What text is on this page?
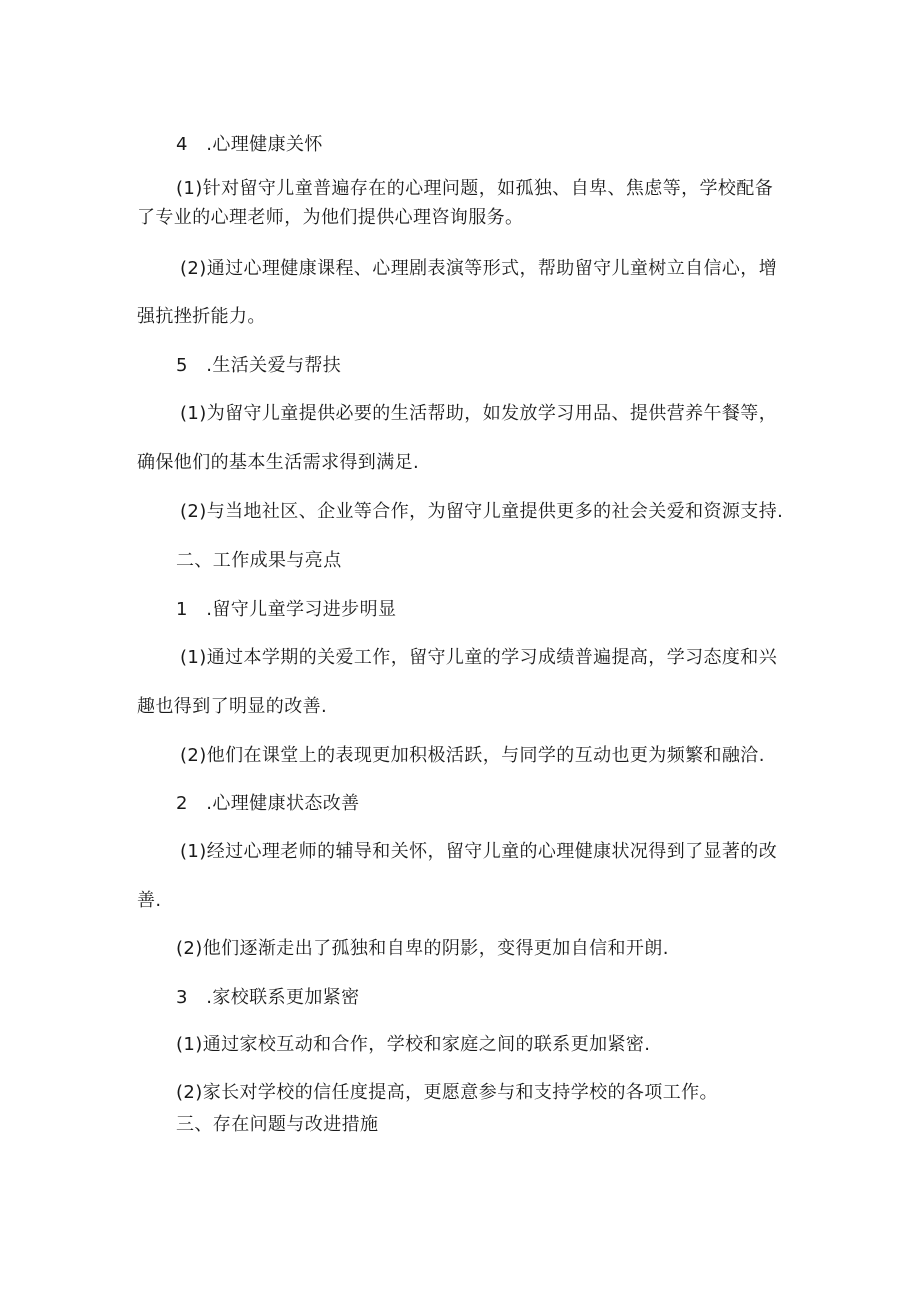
4　.心理健康关怀
(1)针对留守儿童普遍存在的心理问题，如孤独、自卑、焦虑等，学校配备
了专业的心理老师，为他们提供心理咨询服务。
(2)通过心理健康课程、心理剧表演等形式，帮助留守儿童树立自信心，增
强抗挫折能力。
5　.生活关爱与帮扶
(1)为留守儿童提供必要的生活帮助，如发放学习用品、提供营养午餐等，
确保他们的基本生活需求得到满足.
(2)与当地社区、企业等合作，为留守儿童提供更多的社会关爱和资源支持.
二、工作成果与亮点
1　.留守儿童学习进步明显
(1)通过本学期的关爱工作，留守儿童的学习成绩普遍提高，学习态度和兴
趣也得到了明显的改善.
(2)他们在课堂上的表现更加积极活跃，与同学的互动也更为频繁和融洽.
2　.心理健康状态改善
(1)经过心理老师的辅导和关怀，留守儿童的心理健康状况得到了显著的改
善.
(2)他们逐渐走出了孤独和自卑的阴影，变得更加自信和开朗.
3　.家校联系更加紧密
(1)通过家校互动和合作，学校和家庭之间的联系更加紧密.
(2)家长对学校的信任度提高，更愿意参与和支持学校的各项工作。
三、存在问题与改进措施
